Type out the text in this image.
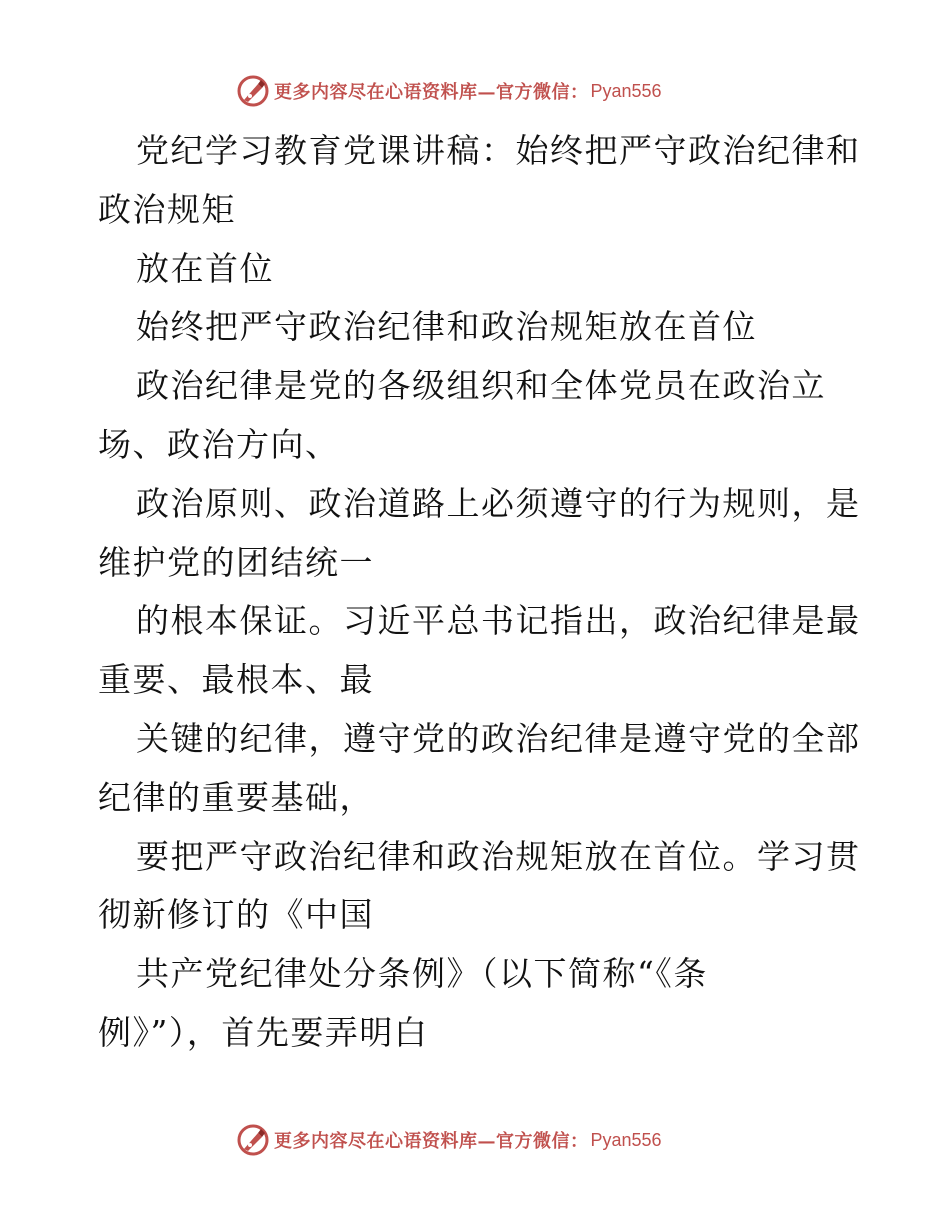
更多内容尽在心语资料库—官方微信： Pyan556
党纪学习教育党课讲稿：始终把严守政治纪律和
政治规矩
放在首位
始终把严守政治纪律和政治规矩放在首位
政治纪律是党的各级组织和全体党员在政治立
场、政治方向、
政治原则、政治道路上必须遵守的行为规则，是
维护党的团结统一
的根本保证。习近平总书记指出，政治纪律是最
重要、最根本、最
关键的纪律，遵守党的政治纪律是遵守党的全部
纪律的重要基础，
要把严守政治纪律和政治规矩放在首位。学习贯
彻新修订的《中国
共产党纪律处分条例》（以下简称“《条
例》”），首先要弄明白
更多内容尽在心语资料库—官方微信： Pyan556
